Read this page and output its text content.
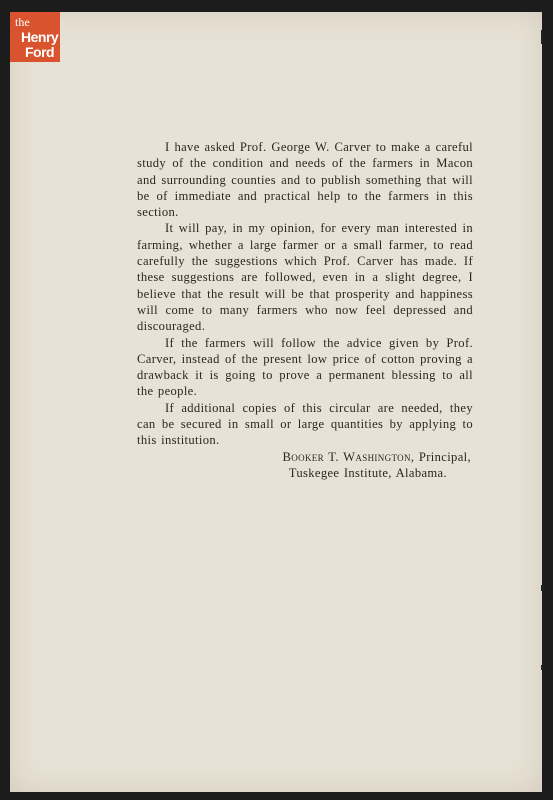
the
Henry
Ford

I have asked Prof. George W. Carver to make a careful study of the condition and needs of the farmers in Macon and surrounding counties and to publish something that will be of immediate and practical help to the farmers in this section.

It will pay, in my opinion, for every man interested in farming, whether a large farmer or a small farmer, to read carefully the suggestions which Prof. Carver has made. If these suggestions are followed, even in a slight degree, I believe that the result will be that prosperity and happiness will come to many farmers who now feel depressed and discouraged.

If the farmers will follow the advice given by Prof. Carver, instead of the present low price of cotton proving a drawback it is going to prove a permanent blessing to all the people.

If additional copies of this circular are needed, they can be secured in small or large quantities by applying to this institution.

Booker T. Washington, Principal,

Tuskegee Institute, Alabama.
